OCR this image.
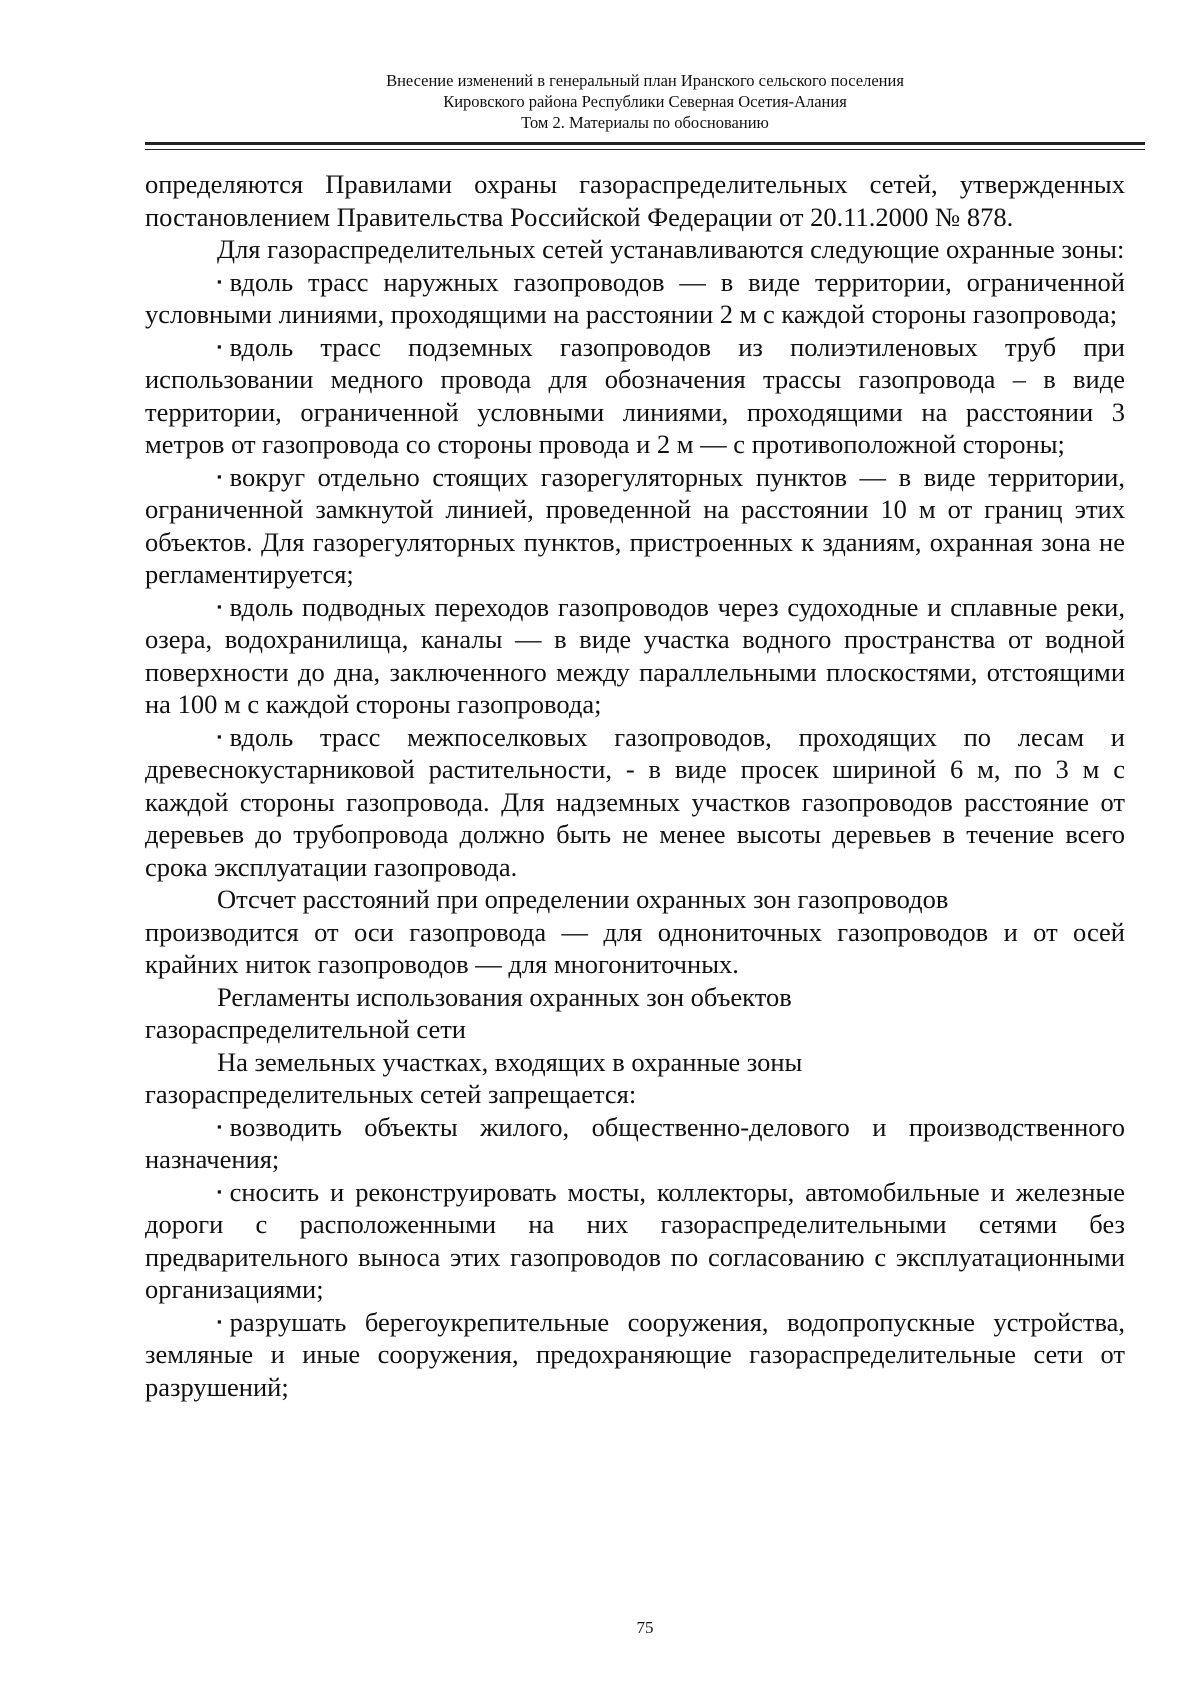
Внесение изменений в генеральный план Иранского сельского поселения
Кировского района Республики Северная Осетия-Алания
Том 2. Материалы по обоснованию

определяются Правилами охраны газораспределительных сетей, утвержденных постановлением Правительства Российской Федерации от 20.11.2000 № 878.

Для газораспределительных сетей устанавливаются следующие охранные зоны:

▪ вдоль трасс наружных газопроводов — в виде территории, ограниченной условными линиями, проходящими на расстоянии 2 м с каждой стороны газопровода;

▪ вдоль трасс подземных газопроводов из полиэтиленовых труб при использовании медного провода для обозначения трассы газопровода – в виде территории, ограниченной условными линиями, проходящими на расстоянии 3 метров от газопровода со стороны провода и 2 м — с противоположной стороны;

▪ вокруг отдельно стоящих газорегуляторных пунктов — в виде территории, ограниченной замкнутой линией, проведенной на расстоянии 10 м от границ этих объектов. Для газорегуляторных пунктов, пристроенных к зданиям, охранная зона не регламентируется;

▪ вдоль подводных переходов газопроводов через судоходные и сплавные реки, озера, водохранилища, каналы — в виде участка водного пространства от водной поверхности до дна, заключенного между параллельными плоскостями, отстоящими на 100 м с каждой стороны газопровода;

▪ вдоль трасс межпоселковых газопроводов, проходящих по лесам и древеснокустарниковой растительности, - в виде просек шириной 6 м, по 3 м с каждой стороны газопровода. Для надземных участков газопроводов расстояние от деревьев до трубопровода должно быть не менее высоты деревьев в течение всего срока эксплуатации газопровода.

Отсчет расстояний при определении охранных зон газопроводов
производится от оси газопровода — для однониточных газопроводов и от осей крайних ниток газопроводов — для многониточных.
Регламенты использования охранных зон объектов
газораспределительной сети
На земельных участках, входящих в охранные зоны
газораспределительных сетей запрещается:

▪ возводить объекты жилого, общественно-делового и производственного назначения;

▪ сносить и реконструировать мосты, коллекторы, автомобильные и железные дороги с расположенными на них газораспределительными сетями без предварительного выноса этих газопроводов по согласованию с эксплуатационными организациями;

▪ разрушать берегоукрепительные сооружения, водопропускные устройства, земляные и иные сооружения, предохраняющие газораспределительные сети от разрушений;

75
